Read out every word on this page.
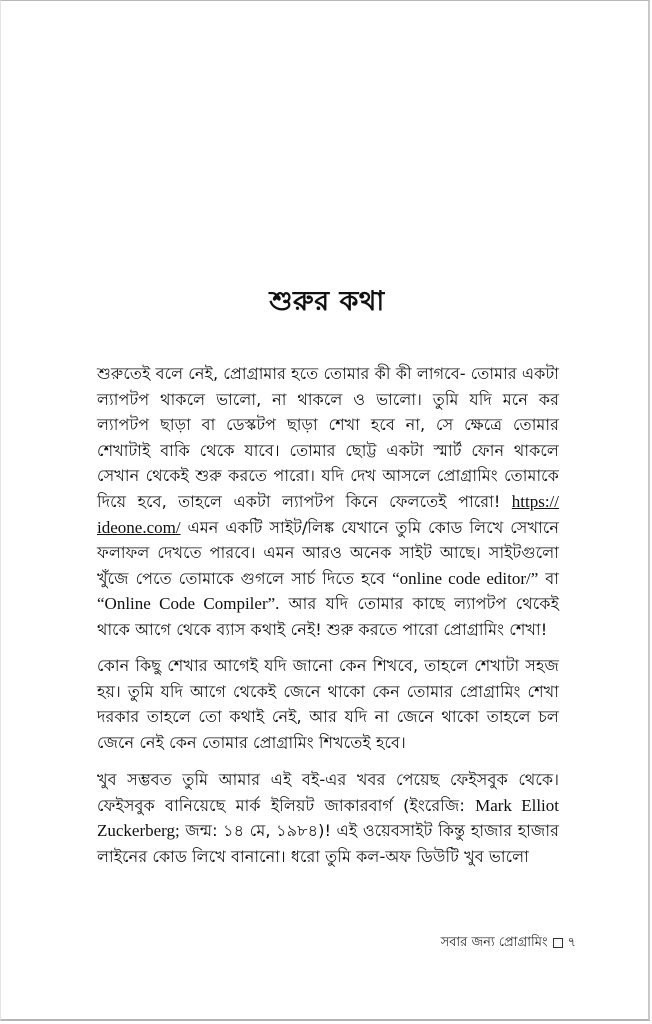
শুরুর কথা

শুরুতেই বলে নেই, প্রোগ্রামার হতে তোমার কী কী লাগবে- তোমার একটা ল্যাপটপ থাকলে ভালো, না থাকলে ও ভালো। তুমি যদি মনে কর ল্যাপটপ ছাড়া বা ডেস্কটপ ছাড়া শেখা হবে না, সে ক্ষেত্রে তোমার শেখাটাই বাকি থেকে যাবে। তোমার ছোট্ট একটা স্মার্ট ফোন থাকলে সেখান থেকেই শুরু করতে পারো। যদি দেখ আসলে প্রোগ্রামিং তোমাকে দিয়ে হবে, তাহলে একটা ল্যাপটপ কিনে ফেলতেই পারো! https:// ideone.com/ এমন একটি সাইট/লিঙ্ক যেখানে তুমি কোড লিখে সেখানে ফলাফল দেখতে পারবে। এমন আরও অনেক সাইট আছে। সাইটগুলো খুঁজে পেতে তোমাকে গুগলে সার্চ দিতে হবে “online code editor/” বা “Online Code Compiler”. আর যদি তোমার কাছে ল্যাপটপ থেকেই থাকে আগে থেকে ব্যাস কথাই নেই! শুরু করতে পারো প্রোগ্রামিং শেখা!

কোন কিছু শেখার আগেই যদি জানো কেন শিখবে, তাহলে শেখাটা সহজ হয়। তুমি যদি আগে থেকেই জেনে থাকো কেন তোমার প্রোগ্রামিং শেখা দরকার তাহলে তো কথাই নেই, আর যদি না জেনে থাকো তাহলে চল জেনে নেই কেন তোমার প্রোগ্রামিং শিখতেই হবে।

খুব সম্ভবত তুমি আমার এই বই-এর খবর পেয়েছ ফেইসবুক থেকে। ফেইসবুক বানিয়েছে মার্ক ইলিয়ট জাকারবার্গ (ইংরেজি: Mark Elliot Zuckerberg; জন্ম: ১৪ মে, ১৯৮৪)! এই ওয়েবসাইট কিন্তু হাজার হাজার লাইনের কোড লিখে বানানো। ধরো তুমি কল-অফ ডিউটি খুব ভালো

সবার জন্য প্রোগ্রামিং ৭
